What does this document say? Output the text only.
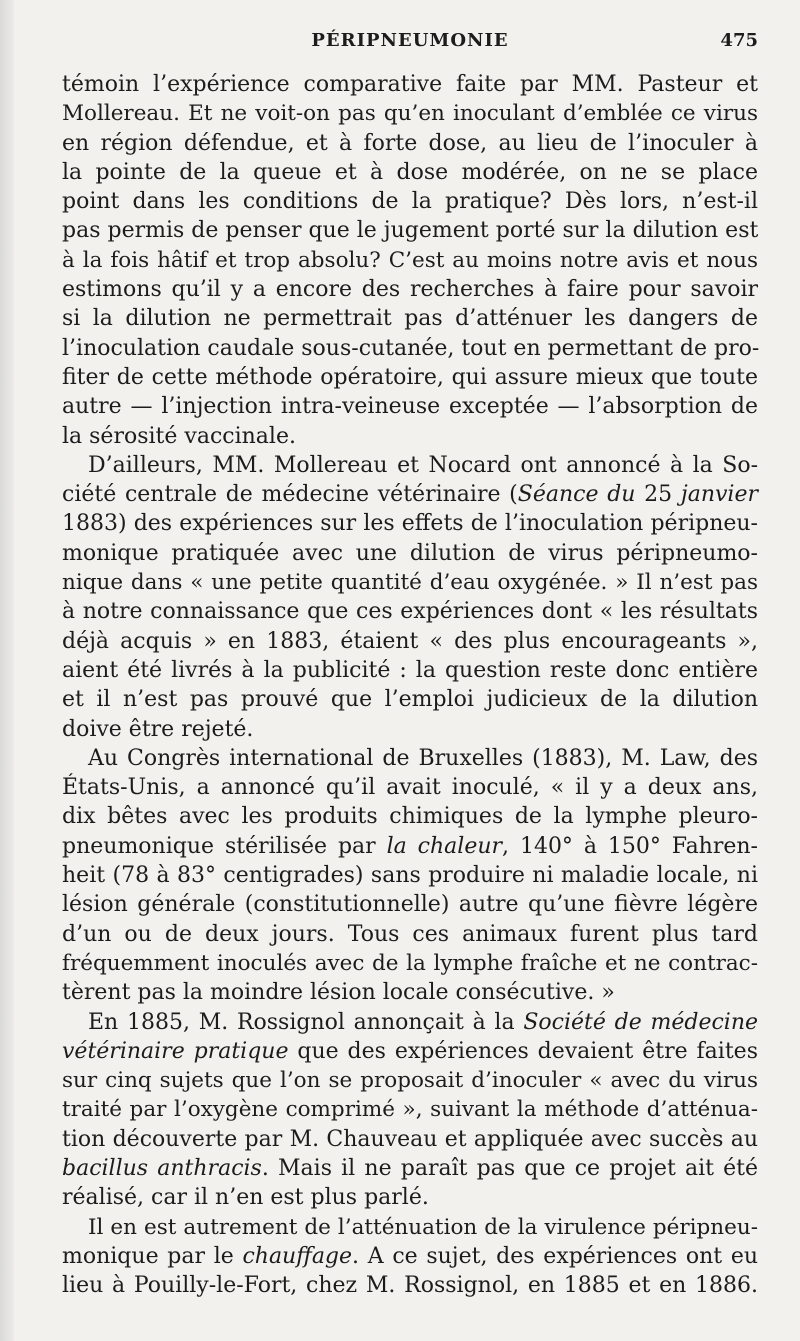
PÉRIPNEUMONIE	475
témoin l’expérience comparative faite par MM. Pasteur et
Mollereau. Et ne voit-on pas qu’en inoculant d’emblée ce virus
en région défendue, et à forte dose, au lieu de l’inoculer à
la pointe de la queue et à dose modérée, on ne se place
point dans les conditions de la pratique? Dès lors, n’est-il
pas permis de penser que le jugement porté sur la dilution est
à la fois hâtif et trop absolu? C’est au moins notre avis et nous
estimons qu’il y a encore des recherches à faire pour savoir
si la dilution ne permettrait pas d’atténuer les dangers de
l’inoculation caudale sous-cutanée, tout en permettant de pro-
fiter de cette méthode opératoire, qui assure mieux que toute
autre — l’injection intra-veineuse exceptée — l’absorption de
la sérosité vaccinale.
D’ailleurs, MM. Mollereau et Nocard ont annoncé à la So-
ciété centrale de médecine vétérinaire (Séance du 25 janvier
1883) des expériences sur les effets de l’inoculation péripneu-
monique pratiquée avec une dilution de virus péripneumo-
nique dans « une petite quantité d’eau oxygénée. » Il n’est pas
à notre connaissance que ces expériences dont « les résultats
déjà acquis » en 1883, étaient « des plus encourageants »,
aient été livrés à la publicité : la question reste donc entière
et il n’est pas prouvé que l’emploi judicieux de la dilution
doive être rejeté.
Au Congrès international de Bruxelles (1883), M. Law, des
États-Unis, a annoncé qu’il avait inoculé, « il y a deux ans,
dix bêtes avec les produits chimiques de la lymphe pleuro-
pneumonique stérilisée par la chaleur, 140° à 150° Fahren-
heit (78 à 83° centigrades) sans produire ni maladie locale, ni
lésion générale (constitutionnelle) autre qu’une fièvre légère
d’un ou de deux jours. Tous ces animaux furent plus tard
fréquemment inoculés avec de la lymphe fraîche et ne contrac-
tèrent pas la moindre lésion locale consécutive. »
En 1885, M. Rossignol annonçait à la Société de médecine
vétérinaire pratique que des expériences devaient être faites
sur cinq sujets que l’on se proposait d’inoculer « avec du virus
traité par l’oxygène comprimé », suivant la méthode d’atténua-
tion découverte par M. Chauveau et appliquée avec succès au
bacillus anthracis. Mais il ne paraît pas que ce projet ait été
réalisé, car il n’en est plus parlé.
Il en est autrement de l’atténuation de la virulence péripneu-
monique par le chauffage. A ce sujet, des expériences ont eu
lieu à Pouilly-le-Fort, chez M. Rossignol, en 1885 et en 1886.
